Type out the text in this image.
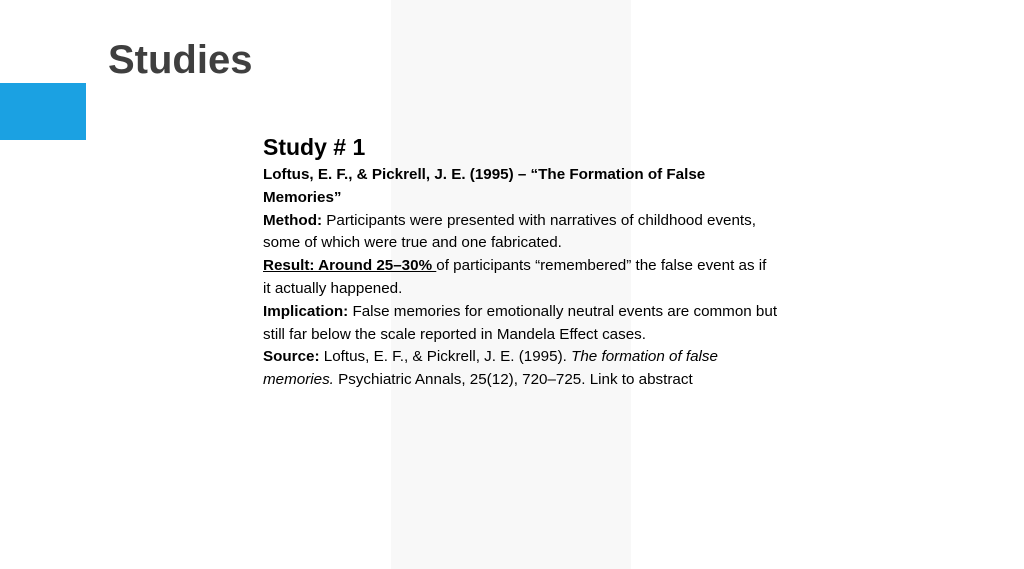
Studies
Study # 1

Loftus, E. F., & Pickrell, J. E. (1995) – “The Formation of False Memories”
Method: Participants were presented with narratives of childhood events, some of which were true and one fabricated.
Result: Around 25–30% of participants “remembered” the false event as if it actually happened.
Implication: False memories for emotionally neutral events are common but still far below the scale reported in Mandela Effect cases.
Source: Loftus, E. F., & Pickrell, J. E. (1995). The formation of false memories. Psychiatric Annals, 25(12), 720–725. Link to abstract
